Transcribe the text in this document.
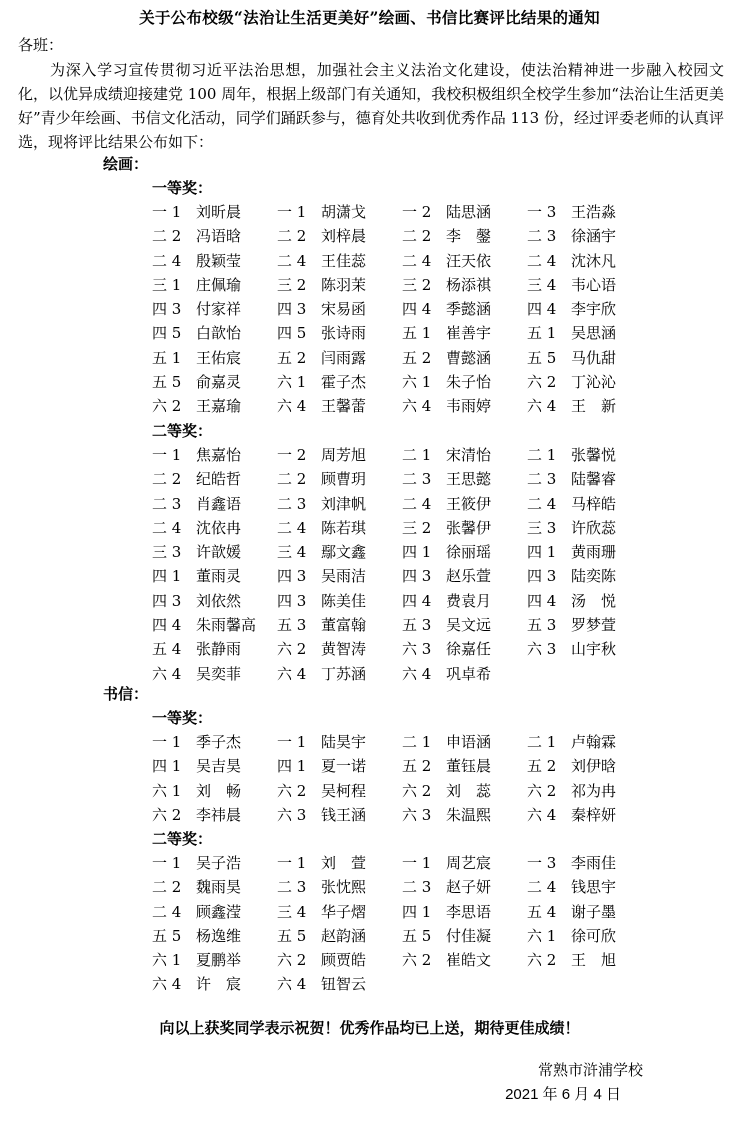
关于公布校级“法治让生活更美好”绘画、书信比赛评比结果的通知
各班：
为深入学习宣传贯彻习近平法治思想，加强社会主义法治文化建设，使法治精神进一步融入校园文化，以优异成绩迎接建党 100 周年，根据上级部门有关通知，我校积极组织全校学生参加“法治让生活更美好”青少年绘画、书信文化活动，同学们踊跃参与，德育处共收到优秀作品 113 份，经过评委老师的认真评选，现将评比结果公布如下：
绘画：
一等奖：
一 1 刘昕晨	一 1 胡潇戈	一 2 陆思涵	一 3 王浩淼
二 2 冯语晗	二 2 刘梓晨	二 2 李　鏧	二 3 徐涵宇
二 4 殷颖莹	二 4 王佳蕊	二 4 汪天依	二 4 沈沐凡
三 1 庄佩瑜	三 2 陈羽茉	三 2 杨添祺	三 4 韦心语
四 3 付家祥	四 3 宋易函	四 4 季懿涵	四 4 李宇欣
四 5 白歆怡	四 5 张诗雨	五 1 崔善宇	五 1 吴思涵
五 1 王佑宸	五 2 闫雨露	五 2 曹懿涵	五 5 马仇甜
五 5 俞嘉灵	六 1 霍子杰	六 1 朱子怡	六 2 丁沁沁
六 2 王嘉瑜	六 4 王馨蕾	六 4 韦雨婷	六 4 王　新
二等奖：
一 1 焦嘉怡	一 2 周芳旭	二 1 宋清怡	二 1 张馨悦
二 2 纪皓哲	二 2 顾曹玥	二 3 王思懿	二 3 陆馨睿
二 3 肖鑫语	二 3 刘津帆	二 4 王筱伊	二 4 马梓皓
二 4 沈依冉	二 4 陈若琪	三 2 张馨伊	三 3 许欣蕊
三 3 许歆媛	三 4 鄢文鑫	四 1 徐丽瑶	四 1 黄雨珊
四 1 董雨灵	四 3 吴雨洁	四 3 赵乐萱	四 3 陆奕陈
四 3 刘依然	四 3 陈美佳	四 4 费袁月	四 4 汤　悦
四 4 朱雨馨高	五 3 董富翰	五 3 吴文远	五 3 罗梦萱
五 4 张静雨	六 2 黄智涛	六 3 徐嘉任	六 3 山宇秋
六 4 吴奕菲	六 4 丁苏涵	六 4 巩卓希
书信：
一等奖：
一 1 季子杰	一 1 陆昊宇	二 1 申语涵	二 1 卢翰霖
四 1 吴吉昊	四 1 夏一诺	五 2 董钰晨	五 2 刘伊晗
六 1 刘　畅	六 2 吴柯程	六 2 刘　蕊	六 2 祁为冉
六 2 李祎晨	六 3 钱王涵	六 3 朱温熙	六 4 秦梓妍
二等奖：
一 1 吴子浩	一 1 刘　萱	一 1 周艺宸	一 3 李雨佳
二 2 魏雨昊	二 3 张忱熙	二 3 赵子妍	二 4 钱思宇
二 4 顾鑫滢	三 4 华子熠	四 1 李思语	五 4 谢子墨
五 5 杨逸维	五 5 赵韵涵	五 5 付佳凝	六 1 徐可欣
六 1 夏鹏举	六 2 顾贾皓	六 2 崔皓文	六 2 王　旭
六 4 许　宸	六 4 钮智云
向以上获奖同学表示祝贺！优秀作品均已上送，期待更佳成绩！
常熟市浒浦学校
2021 年 6 月 4 日
